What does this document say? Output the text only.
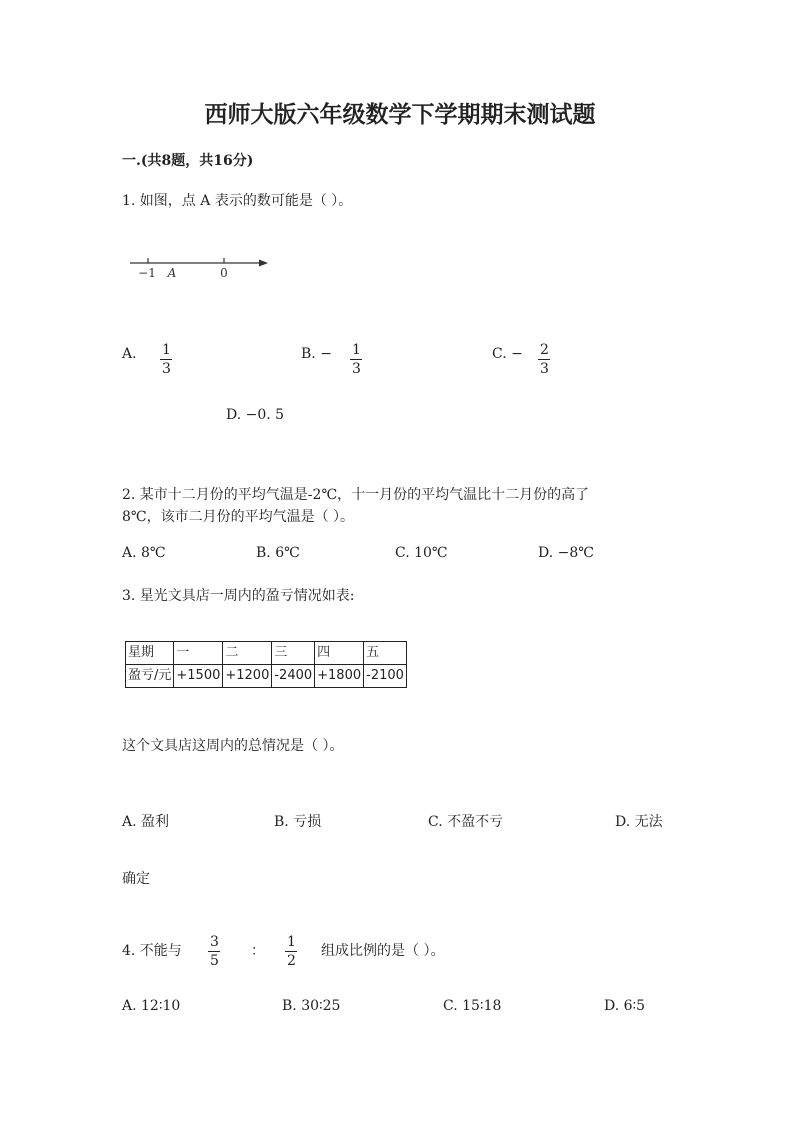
西师大版六年级数学下学期期末测试题
一.(共8题，共16分)
1. 如图，点 A 表示的数可能是（ ）。
−1 A	0
A. 1
3
B. − 1
3
C. − 2
3
D. −0. 5
2. 某市十二月份的平均气温是-2℃，十一月份的平均气温比十二月份的高了
8℃，该市二月份的平均气温是（ ）。
A. 8℃	B. 6℃	C. 10℃	D. −8℃
3. 星光文具店一周内的盈亏情况如表:
星期	一	二	三	四	五
盈亏/元	+1500	+1200	-2400	+1800	-2100
这个文具店这周内的总情况是（ ）。
A. 盈利	B. 亏损	C. 不盈不亏	D. 无法
确定
4. 不能与
3
5
：
1
2
组成比例的是（ ）。
A. 12∶10	B. 30∶25	C. 15∶18	D. 6∶5
